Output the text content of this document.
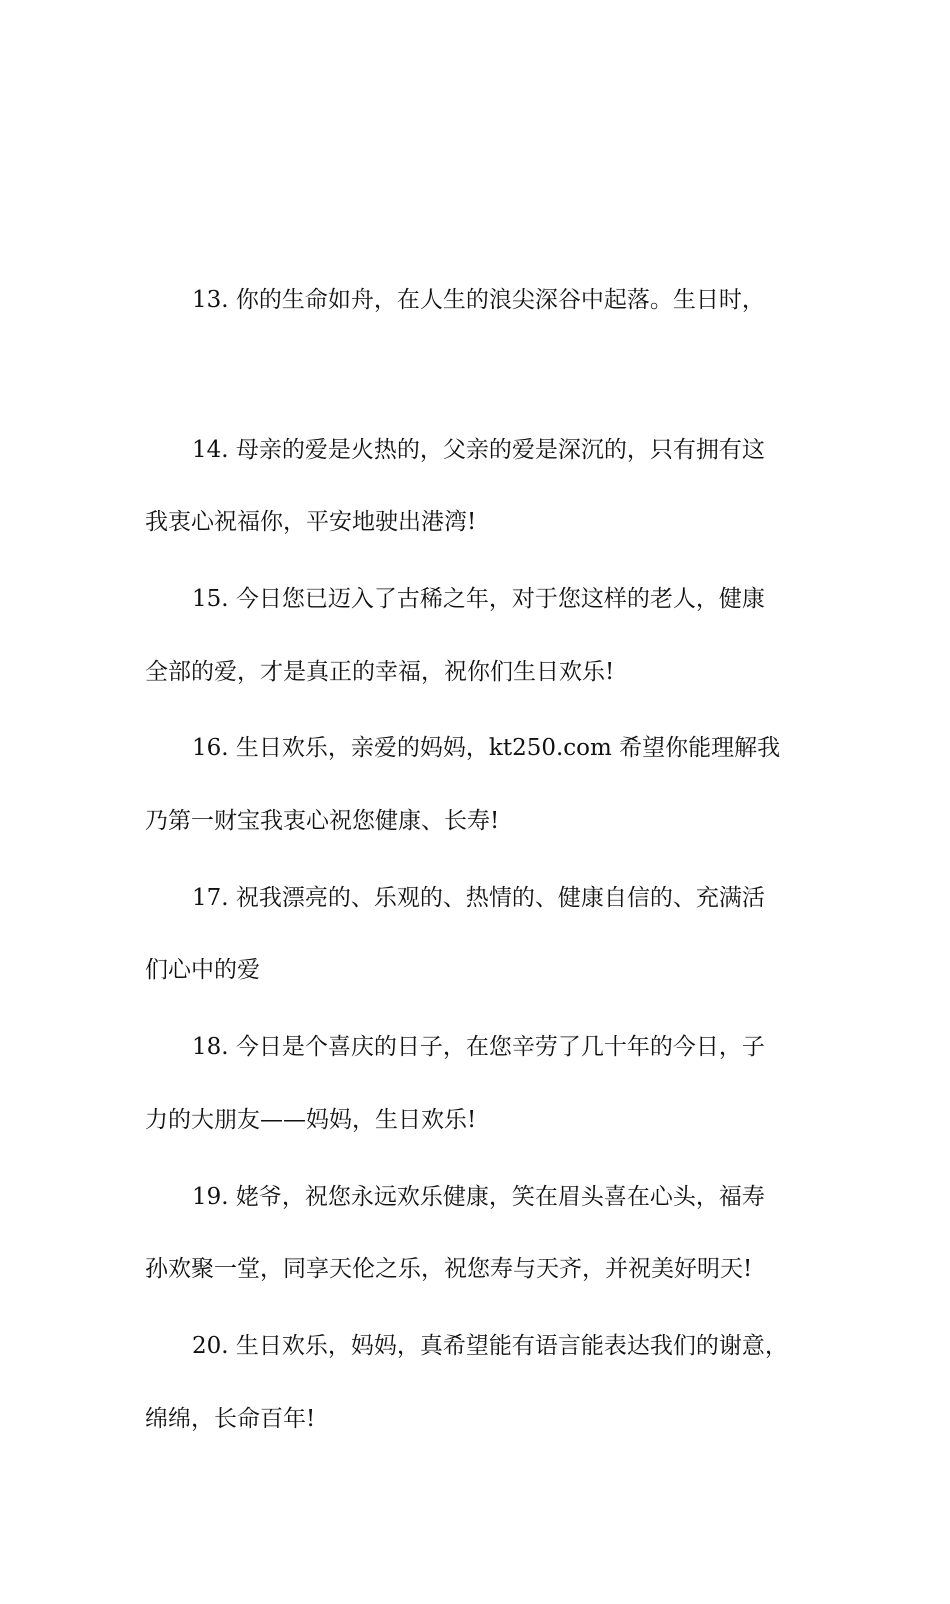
13. 你的生命如舟，在人生的浪尖深谷中起落。生日时，

我衷心祝福你，平安地驶出港湾!

14. 母亲的爱是火热的，父亲的爱是深沉的，只有拥有这

全部的爱，才是真正的幸福，祝你们生日欢乐!

15. 今日您已迈入了古稀之年，对于您这样的老人，健康

乃第一财宝我衷心祝您健康、长寿!

16. 生日欢乐，亲爱的妈妈，kt250.com 希望你能理解我

们心中的爱

17. 祝我漂亮的、乐观的、热情的、健康自信的、充满活

力的大朋友——妈妈，生日欢乐!

18. 今日是个喜庆的日子，在您辛劳了几十年的今日，子

孙欢聚一堂，同享天伦之乐，祝您寿与天齐，并祝美好明天!

19. 姥爷，祝您永远欢乐健康，笑在眉头喜在心头，福寿

绵绵，长命百年!

20. 生日欢乐，妈妈，真希望能有语言能表达我们的谢意，
